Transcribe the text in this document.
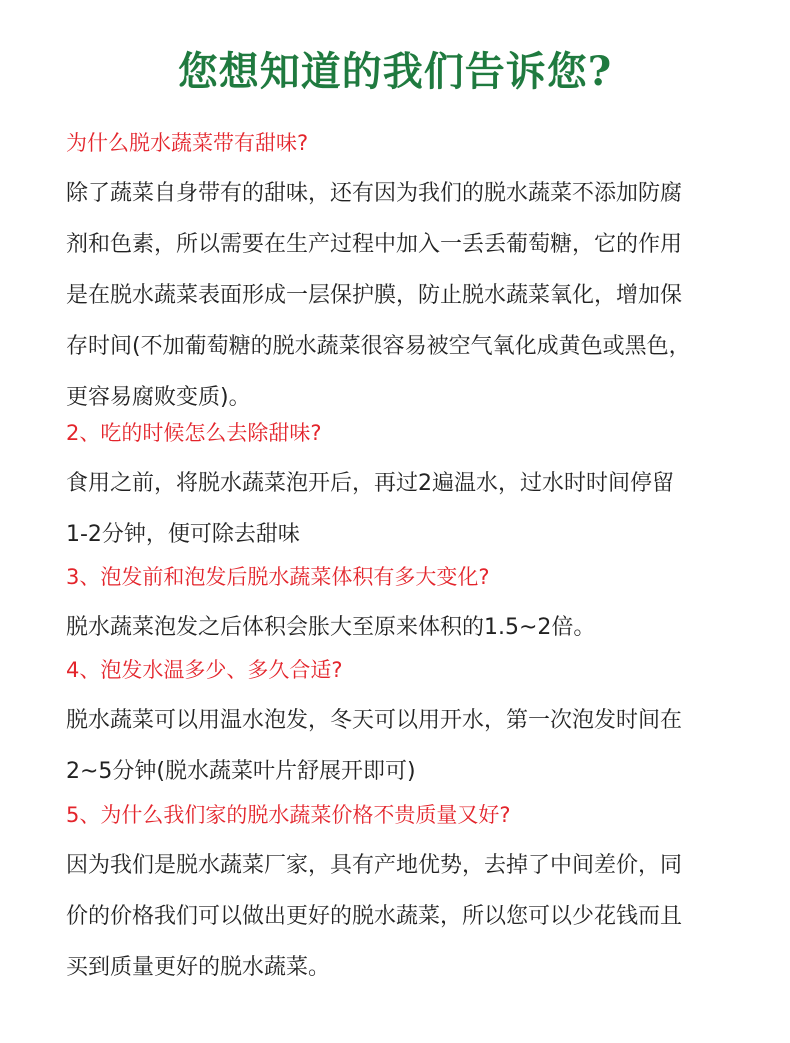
您想知道的我们告诉您?
为什么脱水蔬菜带有甜味?
除了蔬菜自身带有的甜味，还有因为我们的脱水蔬菜不添加防腐
剂和色素，所以需要在生产过程中加入一丢丢葡萄糖，它的作用
是在脱水蔬菜表面形成一层保护膜，防止脱水蔬菜氧化，增加保
存时间(不加葡萄糖的脱水蔬菜很容易被空气氧化成黄色或黑色，
更容易腐败变质)。
2、吃的时候怎么去除甜味?
食用之前，将脱水蔬菜泡开后，再过2遍温水，过水时时间停留
1-2分钟，便可除去甜味
3、泡发前和泡发后脱水蔬菜体积有多大变化?
脱水蔬菜泡发之后体积会胀大至原来体积的1.5~2倍。
4、泡发水温多少、多久合适?
脱水蔬菜可以用温水泡发，冬天可以用开水，第一次泡发时间在
2~5分钟(脱水蔬菜叶片舒展开即可)
5、为什么我们家的脱水蔬菜价格不贵质量又好?
因为我们是脱水蔬菜厂家，具有产地优势，去掉了中间差价，同
价的价格我们可以做出更好的脱水蔬菜，所以您可以少花钱而且
买到质量更好的脱水蔬菜。
